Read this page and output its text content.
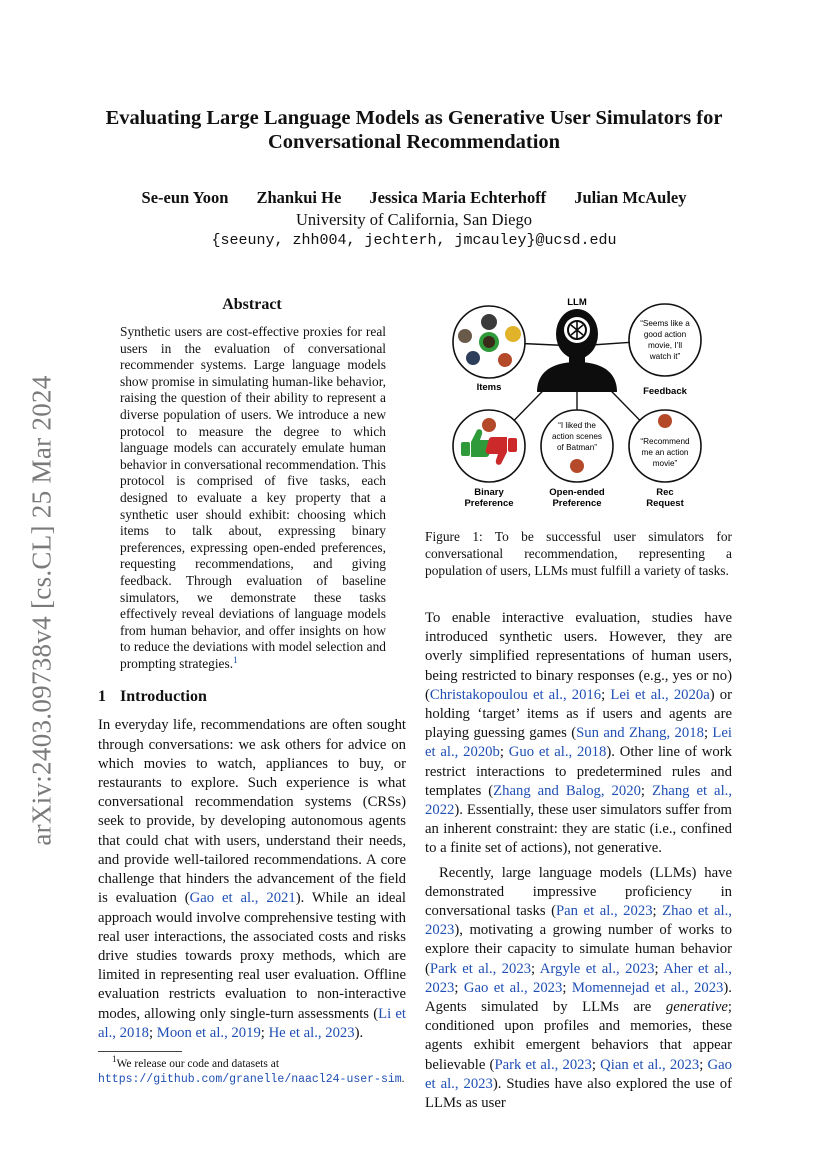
arXiv:2403.09738v4 [cs.CL] 25 Mar 2024
Evaluating Large Language Models as Generative User Simulators for
Conversational Recommendation
Se-eun Yoon Zhankui He Jessica Maria Echterhoff Julian McAuley
University of California, San Diego
{seeuny, zhh004, jechterh, jmcauley}@ucsd.edu
Abstract
Synthetic users are cost-effective proxies for real users in the evaluation of conversational recommender systems. Large language models show promise in simulating human-like behavior, raising the question of their ability to represent a diverse population of users. We introduce a new protocol to measure the degree to which language models can accurately emulate human behavior in conversational recommendation. This protocol is comprised of five tasks, each designed to evaluate a key property that a synthetic user should exhibit: choosing which items to talk about, expressing binary preferences, expressing open-ended preferences, requesting recommendations, and giving feedback. Through evaluation of baseline simulators, we demonstrate these tasks effectively reveal deviations of language models from human behavior, and offer insights on how to reduce the deviations with model selection and prompting strategies.$^1$
1 Introduction
In everyday life, recommendations are often sought through conversations: we ask others for advice on which movies to watch, appliances to buy, or restaurants to explore. Such experience is what conversational recommendation systems (CRSs) seek to provide, by developing autonomous agents that could chat with users, understand their needs, and provide well-tailored recommendations. A core challenge that hinders the advancement of the field is evaluation (Gao et al., 2021). While an ideal approach would involve comprehensive testing with real user interactions, the associated costs and risks drive studies towards proxy methods, which are limited in representing real user evaluation. Offline evaluation restricts evaluation to non-interactive modes, allowing only single-turn assessments (Li et al., 2018; Moon et al., 2019; He et al., 2023).
$^1$We release our code and datasets at https://github.com/granelle/naacl24-user-sim.
LLM
Items
“Seems like a
good action
movie, I’ll
watch it”
Feedback
Binary
Preference
“I liked the
action scenes
of Batman”
Open-ended
Preference
“Recommend
me an action
movie”
Rec
Request
Figure 1: To be successful user simulators for conversational recommendation, representing a population of users, LLMs must fulfill a variety of tasks.
To enable interactive evaluation, studies have introduced synthetic users. However, they are overly simplified representations of human users, being restricted to binary responses (e.g., yes or no) (Christakopoulou et al., 2016; Lei et al., 2020a) or holding ‘target’ items as if users and agents are playing guessing games (Sun and Zhang, 2018; Lei et al., 2020b; Guo et al., 2018). Other line of work restrict interactions to predetermined rules and templates (Zhang and Balog, 2020; Zhang et al., 2022). Essentially, these user simulators suffer from an inherent constraint: they are static (i.e., confined to a finite set of actions), not generative.
Recently, large language models (LLMs) have demonstrated impressive proficiency in conversational tasks (Pan et al., 2023; Zhao et al., 2023), motivating a growing number of works to explore their capacity to simulate human behavior (Park et al., 2023; Argyle et al., 2023; Aher et al., 2023; Gao et al., 2023; Momennejad et al., 2023). Agents simulated by LLMs are generative; conditioned upon profiles and memories, these agents exhibit emergent behaviors that appear believable (Park et al., 2023; Qian et al., 2023; Gao et al., 2023). Studies have also explored the use of LLMs as user
